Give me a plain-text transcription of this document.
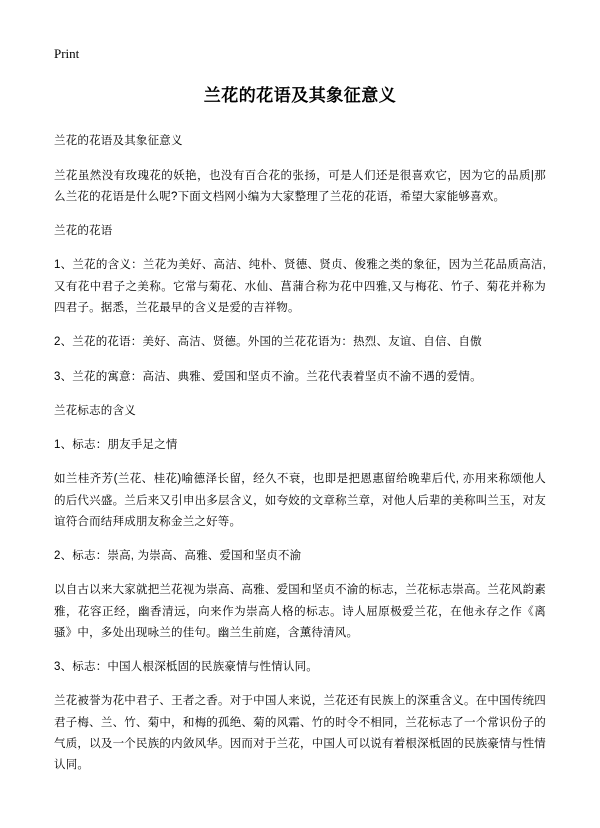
Print
兰花的花语及其象征意义

兰花的花语及其象征意义

兰花虽然没有玫瑰花的妖艳，也没有百合花的张扬，可是人们还是很喜欢它，因为它的品质|那么兰花的花语是什么呢?下面文档网小编为大家整理了兰花的花语，希望大家能够喜欢。

兰花的花语

1、兰花的含义：兰花为美好、高洁、纯朴、贤德、贤贞、俊雅之类的象征，因为兰花品质高洁,又有花中君子之美称。它常与菊花、水仙、菖蒲合称为花中四雅,又与梅花、竹子、菊花并称为四君子。据悉，兰花最早的含义是爱的吉祥物。

2、兰花的花语：美好、高洁、贤德。外国的兰花花语为：热烈、友谊、自信、自傲

3、兰花的寓意：高洁、典雅、爱国和坚贞不渝。兰花代表着坚贞不渝不遇的爱情。

兰花标志的含义

1、标志：朋友手足之情

如兰桂齐芳(兰花、桂花)喻德泽长留，经久不衰，也即是把恩惠留给晚辈后代, 亦用来称颂他人的后代兴盛。兰后来又引申出多层含义，如夸姣的文章称兰章，对他人后辈的美称叫兰玉，对友谊符合而结拜成朋友称金兰之好等。

2、标志：崇高, 为崇高、高雅、爱国和坚贞不渝

以自古以来大家就把兰花视为崇高、高雅、爱国和坚贞不渝的标志，兰花标志崇高。兰花风韵素雅，花容正经，幽香清远，向来作为崇高人格的标志。诗人屈原极爱兰花，在他永存之作《离骚》中，多处出现咏兰的佳句。幽兰生前庭，含薰待清风。

3、标志：中国人根深柢固的民族豪情与性情认同。

兰花被誉为花中君子、王者之香。对于中国人来说，兰花还有民族上的深重含义。在中国传统四君子梅、兰、竹、菊中，和梅的孤绝、菊的风霜、竹的时令不相同，兰花标志了一个常识份子的气质，以及一个民族的内敛风华。因而对于兰花，中国人可以说有着根深柢固的民族豪情与性情认同。
